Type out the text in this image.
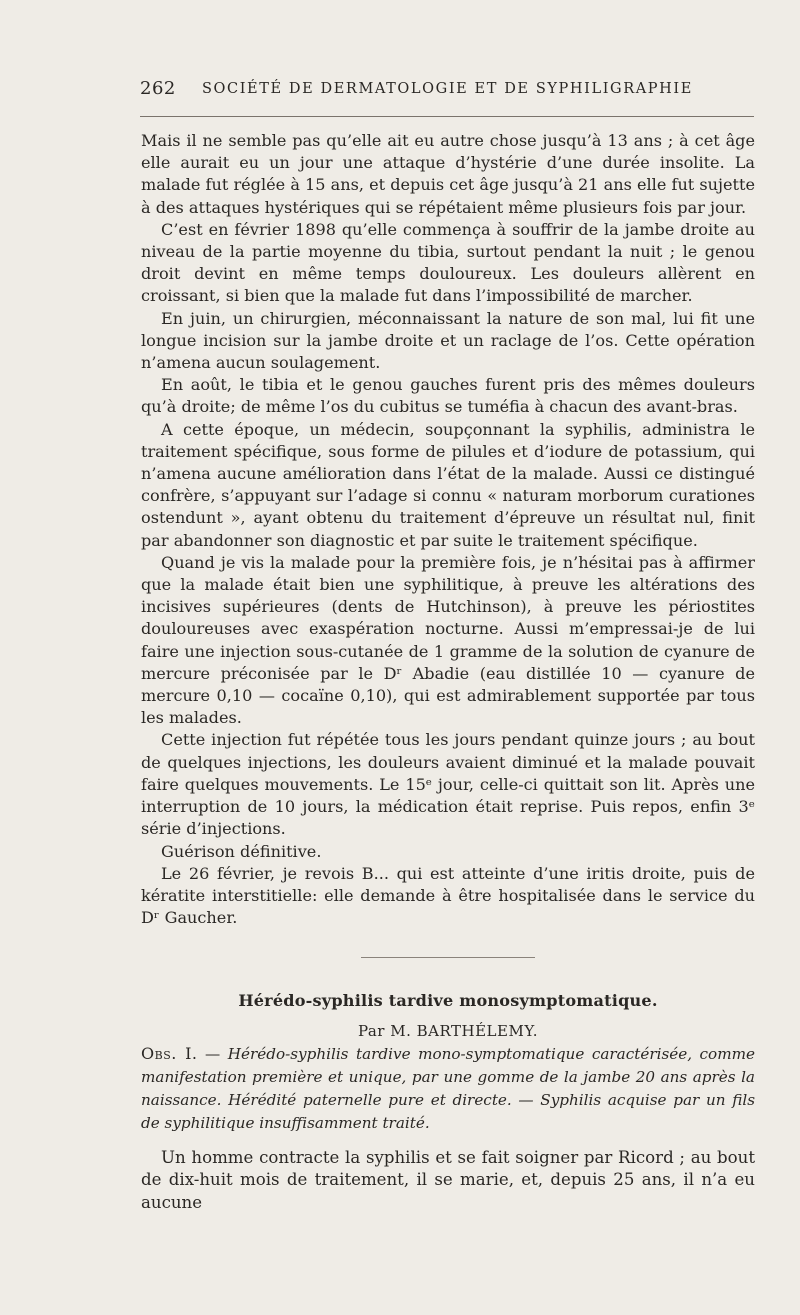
262 SOCIÉTÉ DE DERMATOLOGIE ET DE SYPHILIGRAPHIE

Mais il ne semble pas qu’elle ait eu autre chose jusqu’à 13 ans ; à cet âge elle aurait eu un jour une attaque d’hystérie d’une durée insolite. La malade fut réglée à 15 ans, et depuis cet âge jusqu’à 21 ans elle fut sujette à des attaques hystériques qui se répétaient même plusieurs fois par jour.

C’est en février 1898 qu’elle commença à souffrir de la jambe droite au niveau de la partie moyenne du tibia, surtout pendant la nuit ; le genou droit devint en même temps douloureux. Les douleurs allèrent en croissant, si bien que la malade fut dans l’impossibilité de marcher.

En juin, un chirurgien, méconnaissant la nature de son mal, lui fit une longue incision sur la jambe droite et un raclage de l’os. Cette opération n’amena aucun soulagement.

En août, le tibia et le genou gauches furent pris des mêmes douleurs qu’à droite; de même l’os du cubitus se tuméfia à chacun des avant-bras.

A cette époque, un médecin, soupçonnant la syphilis, administra le traitement spécifique, sous forme de pilules et d’iodure de potassium, qui n’amena aucune amélioration dans l’état de la malade. Aussi ce distingué confrère, s’appuyant sur l’adage si connu « naturam morborum curationes ostendunt », ayant obtenu du traitement d’épreuve un résultat nul, finit par abandonner son diagnostic et par suite le traitement spécifique.

Quand je vis la malade pour la première fois, je n’hésitai pas à affirmer que la malade était bien une syphilitique, à preuve les altérations des incisives supérieures (dents de Hutchinson), à preuve les périostites douloureuses avec exaspération nocturne. Aussi m’empressai-je de lui faire une injection sous-cutanée de 1 gramme de la solution de cyanure de mercure préconisée par le Dʳ Abadie (eau distillée 10 — cyanure de mercure 0,10 — cocaïne 0,10), qui est admirablement supportée par tous les malades.

Cette injection fut répétée tous les jours pendant quinze jours ; au bout de quelques injections, les douleurs avaient diminué et la malade pouvait faire quelques mouvements. Le 15ᵉ jour, celle-ci quittait son lit. Après une interruption de 10 jours, la médication était reprise. Puis repos, enfin 3ᵉ série d’injections.

Guérison définitive.

Le 26 février, je revois B... qui est atteinte d’une iritis droite, puis de kératite interstitielle: elle demande à être hospitalisée dans le service du Dʳ Gaucher.

Hérédo-syphilis tardive monosymptomatique.
Par M. BARTHÉLEMY.

Obs. I. — Hérédo-syphilis tardive mono-symptomatique caractérisée, comme manifestation première et unique, par une gomme de la jambe 20 ans après la naissance. Hérédité paternelle pure et directe. — Syphilis acquise par un fils de syphilitique insuffisamment traité.

Un homme contracte la syphilis et se fait soigner par Ricord ; au bout de dix-huit mois de traitement, il se marie, et, depuis 25 ans, il n’a eu aucune
